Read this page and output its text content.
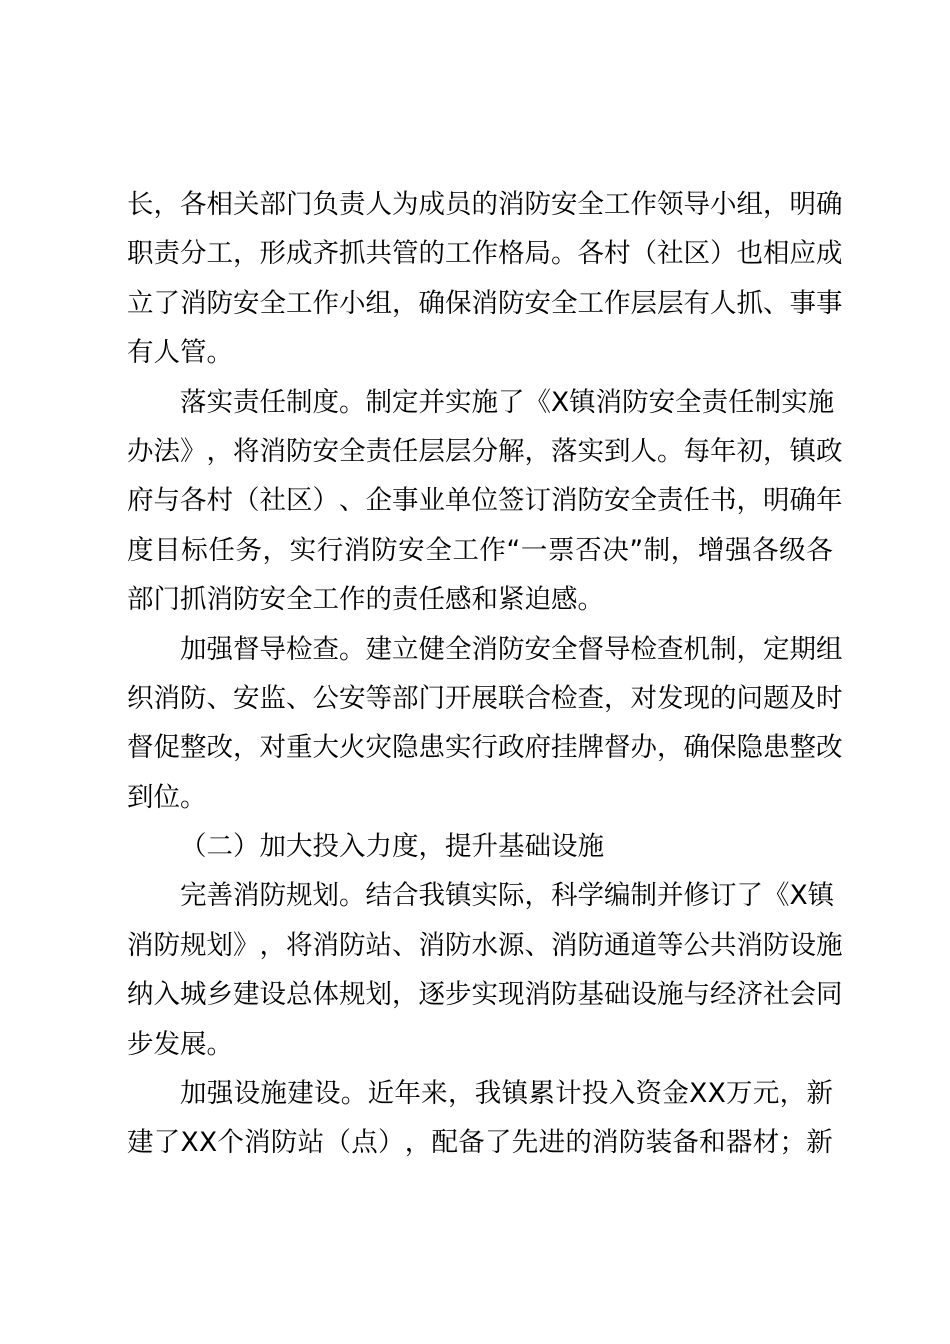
长 ， 各 相 关 部 门 负 责 人 为 成 员 的 消 防 安 全 工 作 领 导 小 组 ， 明 确
职 责 分 工 ， 形 成 齐 抓 共 管 的 工 作 格 局 。 各 村 （ 社 区 ） 也 相 应 成
立 了 消 防 安 全 工 作 小 组 ， 确 保 消 防 安 全 工 作 层 层 有 人 抓 、 事 事
有人管。
落 实 责 任 制 度 。 制 定 并 实 施 了 《 X 镇 消 防 安 全 责 任 制 实 施
办 法 》 ， 将 消 防 安 全 责 任 层 层 分 解 ， 落 实 到 人 。 每 年 初 ， 镇 政
府 与 各 村 （ 社 区 ） 、 企 事 业 单 位 签 订 消 防 安 全 责 任 书 ， 明 确 年
度 目 标 任 务 ， 实 行 消 防 安 全 工 作 “ 一 票 否 决 ” 制 ， 增 强 各 级 各
部门抓消防安全工作的责任感和紧迫感。
加 强 督 导 检 查 。 建 立 健 全 消 防 安 全 督 导 检 查 机 制 ， 定 期 组
织 消 防 、 安 监 、 公 安 等 部 门 开 展 联 合 检 查 ， 对 发 现 的 问 题 及 时
督 促 整 改 ， 对 重 大 火 灾 隐 患 实 行 政 府 挂 牌 督 办 ， 确 保 隐 患 整 改
到位。
（二）加大投入力度，提升基础设施
完 善 消 防 规 划 。 结 合 我 镇 实 际 ， 科 学 编 制 并 修 订 了 《 X 镇
消 防 规 划 》 ， 将 消 防 站 、 消 防 水 源 、 消 防 通 道 等 公 共 消 防 设 施
纳 入 城 乡 建 设 总 体 规 划 ， 逐 步 实 现 消 防 基 础 设 施 与 经 济 社 会 同
步发展。
加 强 设 施 建 设 。 近 年 来 ， 我 镇 累 计 投 入 资 金 X X 万 元 ， 新
建 了 X X 个 消 防 站 （ 点 ） ， 配 备 了 先 进 的 消 防 装 备 和 器 材 ； 新
